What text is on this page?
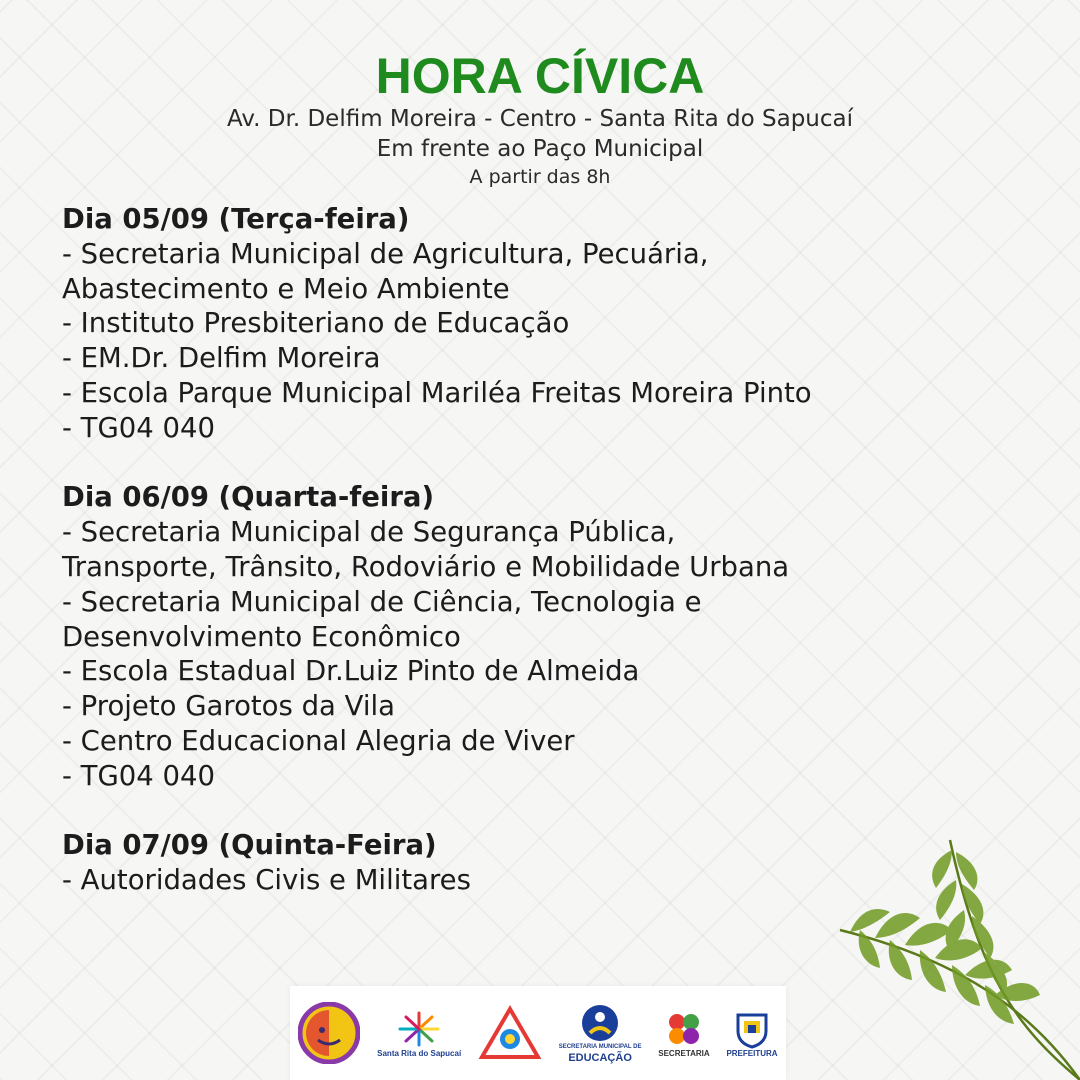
HORA CÍVICA
Av. Dr. Delfim Moreira - Centro - Santa Rita do Sapucaí
Em frente ao Paço Municipal
A partir das 8h
Dia 05/09 (Terça-feira)
- Secretaria Municipal de Agricultura, Pecuária,
Abastecimento e Meio Ambiente
- Instituto Presbiteriano de Educação
- EM.Dr. Delfim Moreira
- Escola Parque Municipal Mariléa Freitas Moreira Pinto
- TG04 040
Dia 06/09 (Quarta-feira)
- Secretaria Municipal de Segurança Pública,
Transporte, Trânsito, Rodoviário e Mobilidade Urbana
- Secretaria Municipal de Ciência, Tecnologia e
Desenvolvimento Econômico
- Escola Estadual Dr.Luiz Pinto de Almeida
- Projeto Garotos da Vila
- Centro Educacional Alegria de Viver
- TG04 040
Dia 07/09 (Quinta-Feira)
- Autoridades Civis e Militares
Santa Rita do Sapucaí
SECRETARIA MUNICIPAL DE
EDUCAÇÃO	SECRETARIA PREFEITURA
